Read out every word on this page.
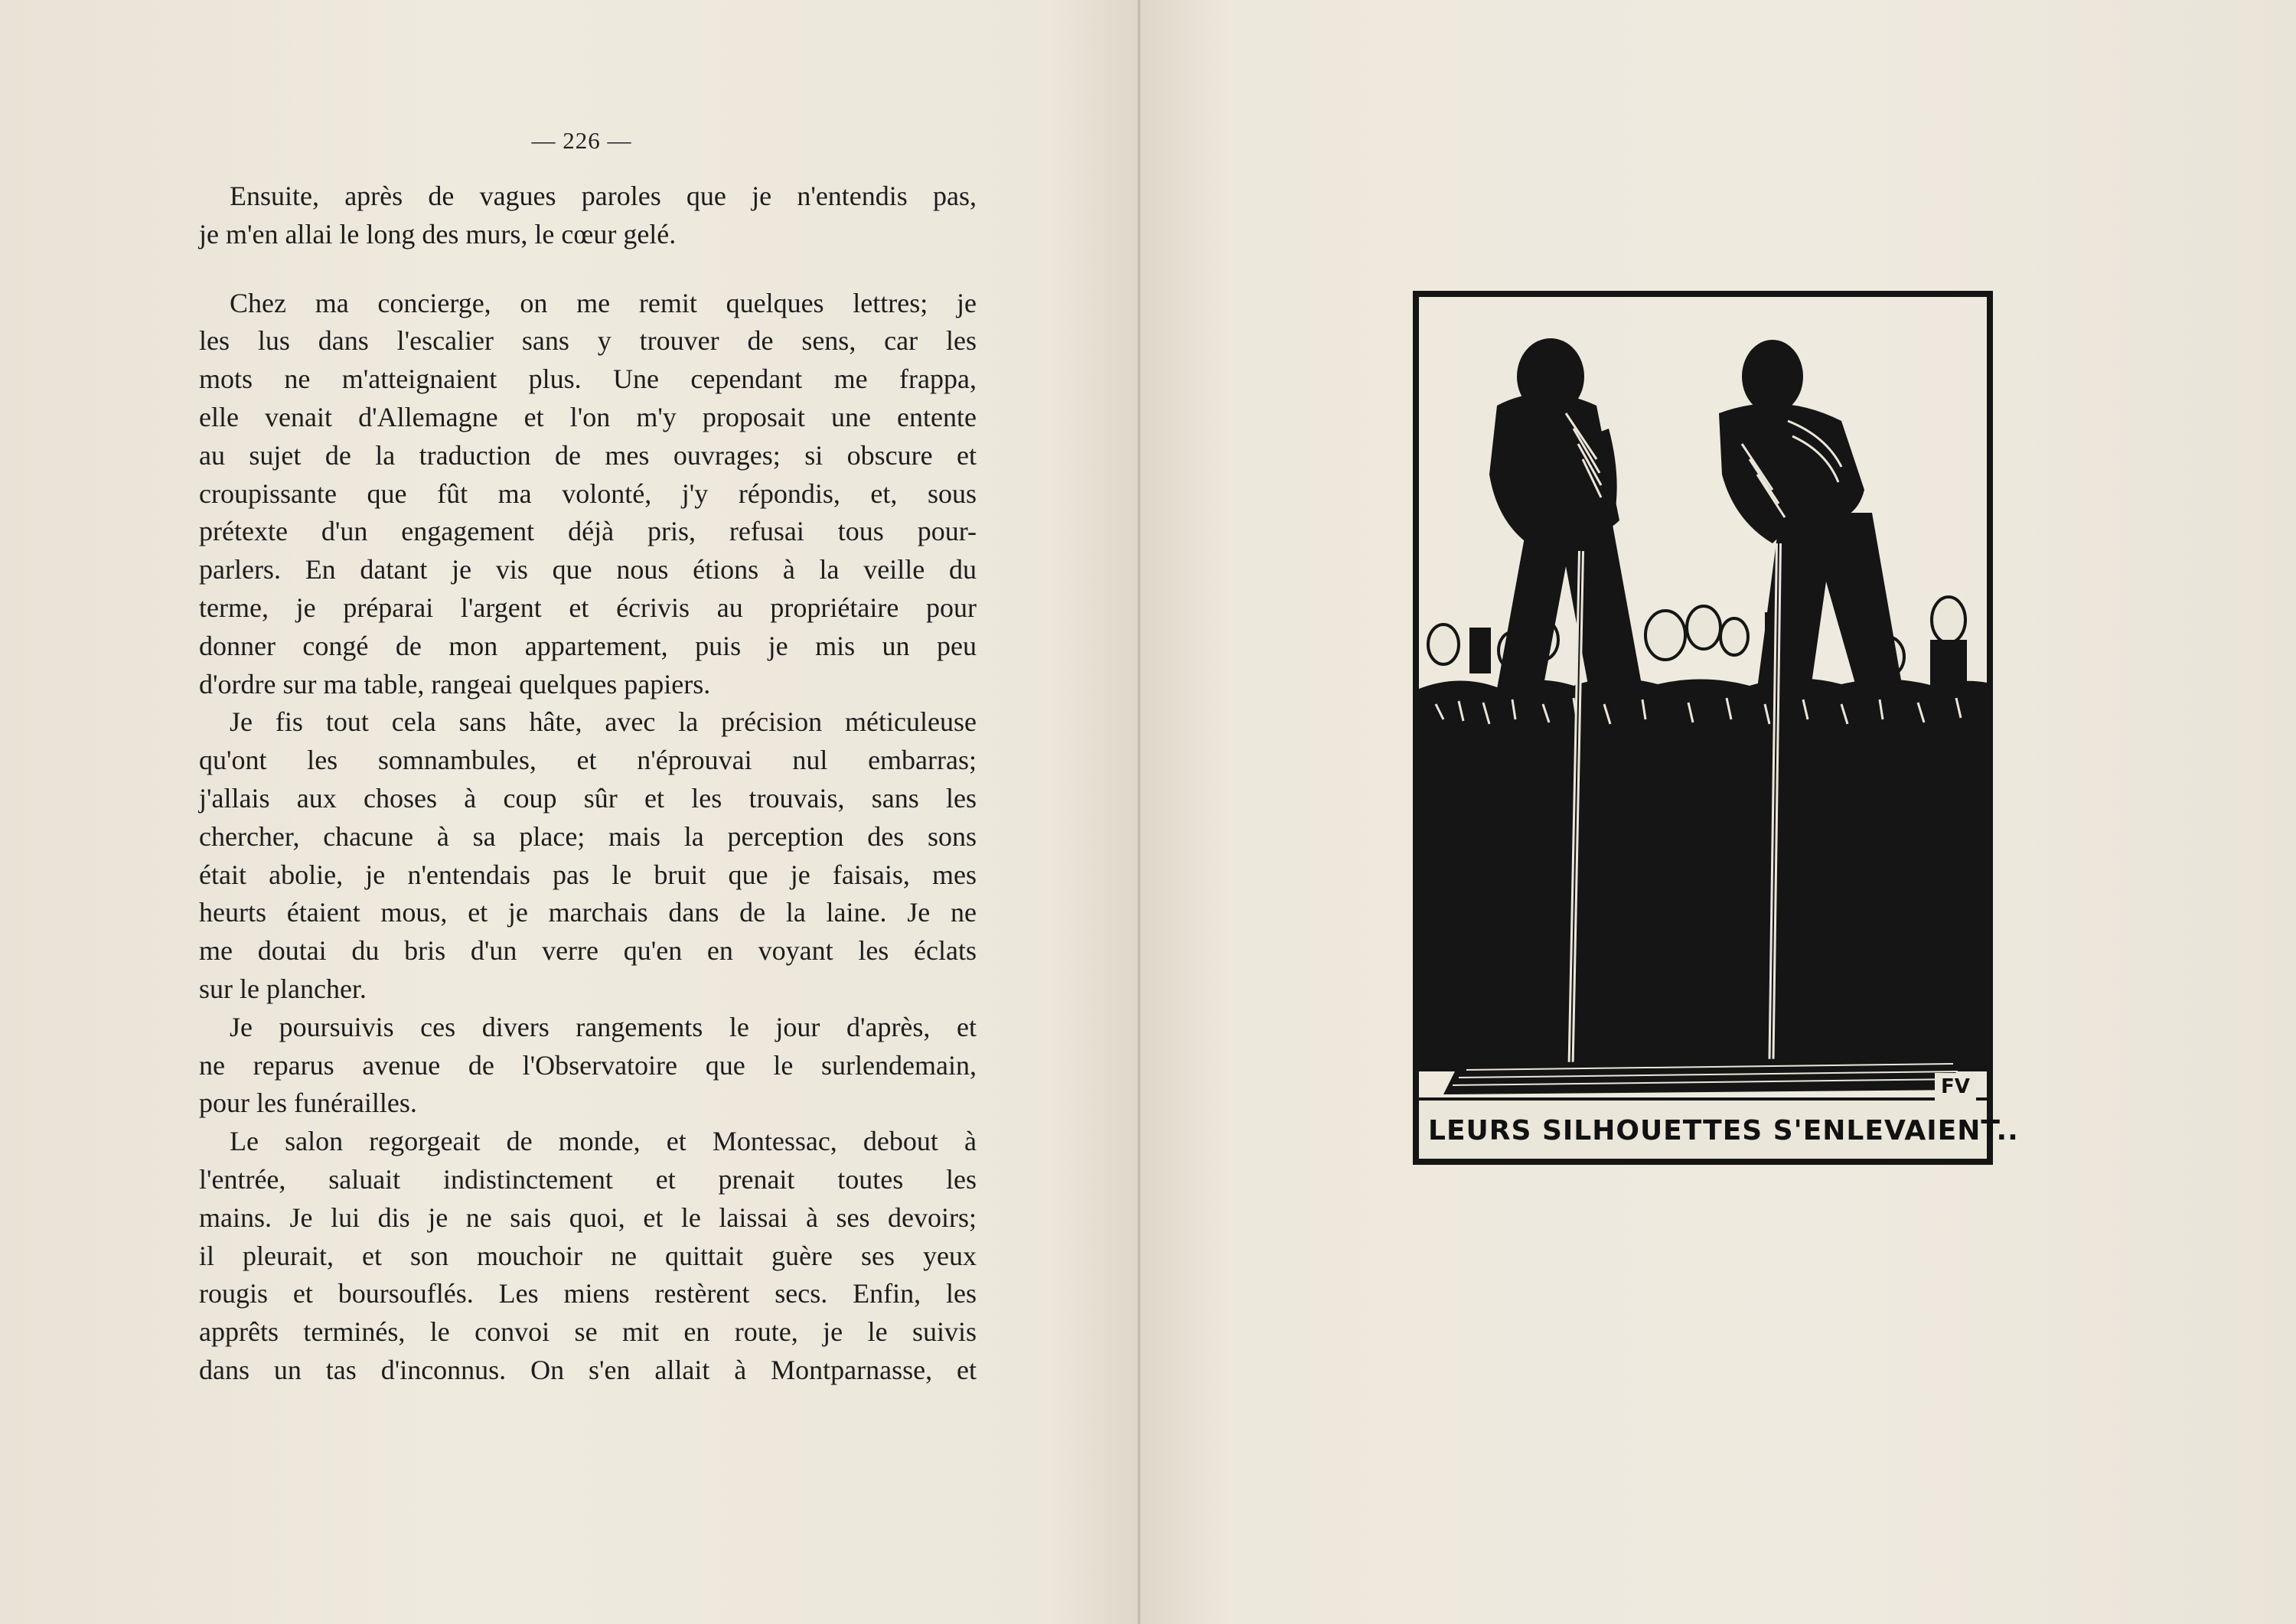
— 226 —
Ensuite, après de vagues paroles que je n'entendis pas,
je m'en allai le long des murs, le cœur gelé.
Chez ma concierge, on me remit quelques lettres; je
les lus dans l'escalier sans y trouver de sens, car les
mots ne m'atteignaient plus. Une cependant me frappa,
elle venait d'Allemagne et l'on m'y proposait une entente
au sujet de la traduction de mes ouvrages; si obscure et
croupissante que fût ma volonté, j'y répondis, et, sous
prétexte d'un engagement déjà pris, refusai tous pour-
parlers. En datant je vis que nous étions à la veille du
terme, je préparai l'argent et écrivis au propriétaire pour
donner congé de mon appartement, puis je mis un peu
d'ordre sur ma table, rangeai quelques papiers.
Je fis tout cela sans hâte, avec la précision méticuleuse
qu'ont les somnambules, et n'éprouvai nul embarras;
j'allais aux choses à coup sûr et les trouvais, sans les
chercher, chacune à sa place; mais la perception des sons
était abolie, je n'entendais pas le bruit que je faisais, mes
heurts étaient mous, et je marchais dans de la laine. Je ne
me doutai du bris d'un verre qu'en en voyant les éclats
sur le plancher.
Je poursuivis ces divers rangements le jour d'après, et
ne reparus avenue de l'Observatoire que le surlendemain,
pour les funérailles.
Le salon regorgeait de monde, et Montessac, debout à
l'entrée, saluait indistinctement et prenait toutes les
mains. Je lui dis je ne sais quoi, et le laissai à ses devoirs;
il pleurait, et son mouchoir ne quittait guère ses yeux
rougis et boursouflés. Les miens restèrent secs. Enfin, les
apprêts terminés, le convoi se mit en route, je le suivis
dans un tas d'inconnus. On s'en allait à Montparnasse, et
FV
LEURS SILHOUETTES S'ENLEVAIENT..
